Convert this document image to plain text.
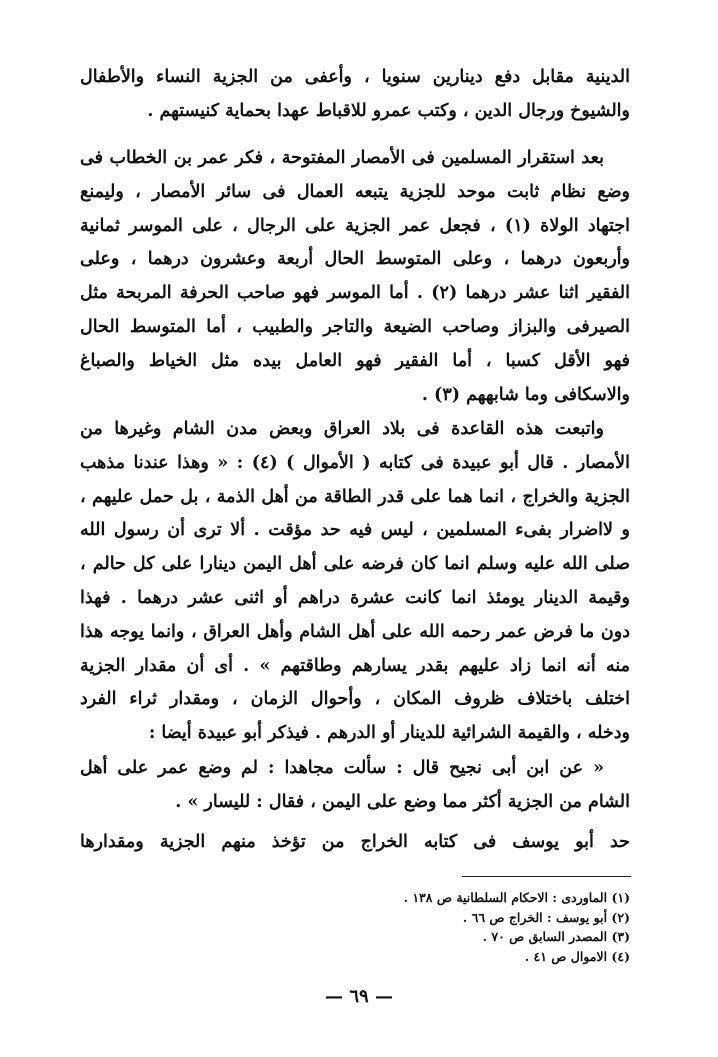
الدينية مقابل دفع دينارين سنويا ، وأعفى من الجزية النساء والأطفال
والشيوخ ورجال الدين ، وكتب عمرو للاقباط عهدا بحماية كنيستهم .
بعد استقرار المسلمين فى الأمصار المفتوحة ، فكر عمر بن الخطاب فى
وضع نظام ثابت موحد للجزية يتبعه العمال فى سائر الأمصار ، وليمنع
اجتهاد الولاة (١) ، فجعل عمر الجزية على الرجال ، على الموسر ثمانية
وأربعون درهما ، وعلى المتوسط الحال أربعة وعشرون درهما ، وعلى
الفقير اثنا عشر درهما (٢) . أما الموسر فهو صاحب الحرفة المربحة مثل
الصيرفى والبزاز وصاحب الضيعة والتاجر والطبيب ، أما المتوسط الحال
فهو الأقل كسبا ، أما الفقير فهو العامل بيده مثل الخياط والصباغ
والاسكافى وما شابههم (٣) .
واتبعت هذه القاعدة فى بلاد العراق وبعض مدن الشام وغيرها من
الأمصار . قال أبو عبيدة فى كتابه ( الأموال ) (٤) : « وهذا عندنا مذهب
الجزية والخراج ، انما هما على قدر الطاقة من أهل الذمة ، بل حمل عليهم ،
و لااضرار بفىء المسلمين ، ليس فيه حد مؤقت . ألا ترى أن رسول الله
صلى الله عليه وسلم انما كان فرضه على أهل اليمن دينارا على كل حالم ،
وقيمة الدينار يومئذ انما كانت عشرة دراهم أو اثنى عشر درهما . فهذا
دون ما فرض عمر رحمه الله على أهل الشام وأهل العراق ، وانما يوجه هذا
منه أنه انما زاد عليهم بقدر يسارهم وطاقتهم » . أى أن مقدار الجزية
اختلف باختلاف ظروف المكان ، وأحوال الزمان ، ومقدار ثراء الفرد
ودخله ، والقيمة الشرائية للدينار أو الدرهم . فيذكر أبو عبيدة أيضا :
« عن ابن أبى نجيح قال : سألت مجاهدا : لم وضع عمر على أهل
الشام من الجزية أكثر مما وضع على اليمن ، فقال : لليسار » .
حد أبو يوسف فى كتابه الخراج من تؤخذ منهم الجزية ومقدارها
(١) الماوردى : الاحكام السلطانية ص ١٣٨ .
(٢) أبو يوسف : الخراج ص ٦٦ .
(٣) المصدر السابق ص ٧٠ .
(٤) الاموال ص ٤١ .
— ٦٩ —
